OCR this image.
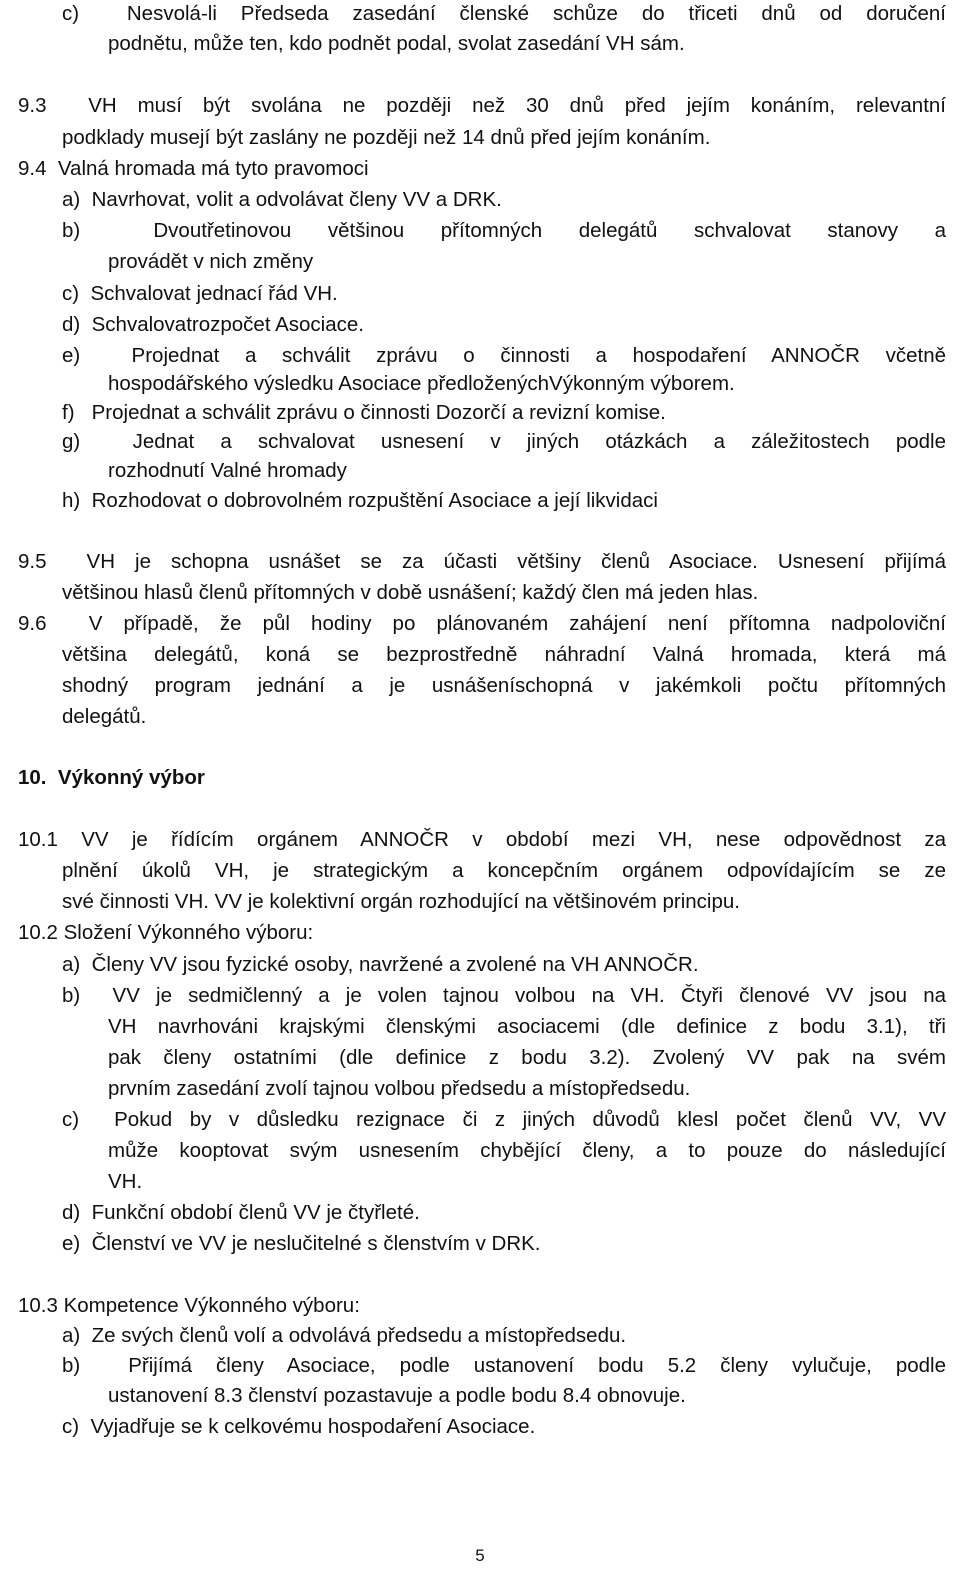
c)  Nesvolá-li Předseda zasedání členské schůze do třiceti dnů od doručení
podnětu, může ten, kdo podnět podal, svolat zasedání VH sám.
9.3  VH musí být svolána ne později než 30 dnů před jejím konáním, relevantní
podklady musejí být zaslány ne později než 14 dnů před jejím konáním.
9.4  Valná hromada má tyto pravomoci
a)  Navrhovat, volit a odvolávat členy VV a DRK.
b)  Dvoutřetinovou většinou přítomných delegátů schvalovat stanovy a
provádět v nich změny
c)  Schvalovat jednací řád VH.
d)  Schvalovatrozpočet Asociace.
e)  Projednat a schválit zprávu o činnosti a hospodaření ANNOČR včetně
hospodářského výsledku Asociace předloženýchVýkonným výborem.
f)   Projednat a schválit zprávu o činnosti Dozorčí a revizní komise.
g)  Jednat a schvalovat usnesení v jiných otázkách a záležitostech podle
rozhodnutí Valné hromady
h)  Rozhodovat o dobrovolném rozpuštění Asociace a její likvidaci
9.5  VH je schopna usnášet se za účasti většiny členů Asociace. Usnesení přijímá
většinou hlasů členů přítomných v době usnášení; každý člen má jeden hlas.
9.6  V případě, že půl hodiny po plánovaném zahájení není přítomna nadpoloviční
většina delegátů, koná se bezprostředně náhradní Valná hromada, která má
shodný program jednání a je usnášeníschopná v jakémkoli počtu přítomných
delegátů.
10.  Výkonný výbor
10.1 VV je řídícím orgánem ANNOČR v období mezi VH, nese odpovědnost za
plnění úkolů VH, je strategickým a koncepčním orgánem odpovídajícím se ze
své činnosti VH. VV je kolektivní orgán rozhodující na většinovém principu.
10.2 Složení Výkonného výboru:
a)  Členy VV jsou fyzické osoby, navržené a zvolené na VH ANNOČR.
b)  VV je sedmičlenný a je volen tajnou volbou na VH. Čtyři členové VV jsou na
VH navrhováni krajskými členskými asociacemi (dle definice z bodu 3.1), tři
pak členy ostatními (dle definice z bodu 3.2). Zvolený VV pak na svém
prvním zasedání zvolí tajnou volbou předsedu a místopředsedu.
c)  Pokud by v důsledku rezignace či z jiných důvodů klesl počet členů VV, VV
může kooptovat svým usnesením chybějící členy, a to pouze do následující
VH.
d)  Funkční období členů VV je čtyřleté.
e)  Členství ve VV je neslučitelné s členstvím v DRK.
10.3 Kompetence Výkonného výboru:
a)  Ze svých členů volí a odvolává předsedu a místopředsedu.
b)  Přijímá členy Asociace, podle ustanovení bodu 5.2 členy vylučuje, podle
ustanovení 8.3 členství pozastavuje a podle bodu 8.4 obnovuje.
c)  Vyjadřuje se k celkovému hospodaření Asociace.
5
